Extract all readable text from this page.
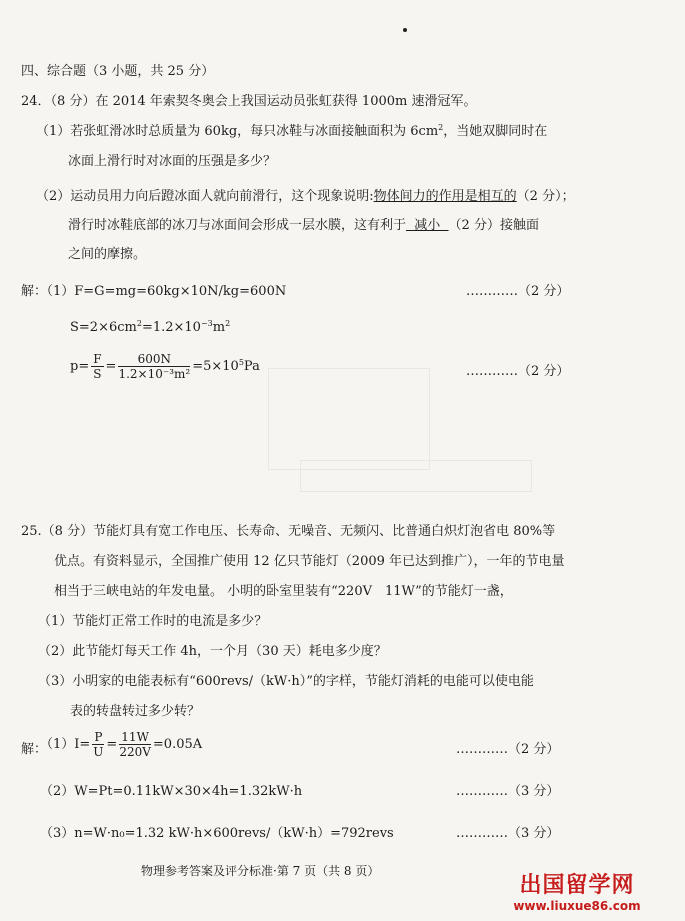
四、综合题（3 小题，共 25 分）
24．（8 分）在 2014 年索契冬奥会上我国运动员张虹获得 1000m 速滑冠军。
（1）若张虹滑冰时总质量为 60kg，每只冰鞋与冰面接触面积为 $6cm^2$，当她双脚同时在
冰面上滑行时对冰面的压强是多少？
（2）运动员用力向后蹬冰面人就向前滑行，这个现象说明:物体间力的作用是相互的（2 分）；
滑行时冰鞋底部的冰刀与冰面间会形成一层水膜，这有利于  减小  （2 分）接触面
之间的摩擦。
解：
（1）F=G=mg=60kg×10N/kg=600N	…………（2 分）
$S=2\times 6cm^2=1.2\times 10^{-3}m^2$
$p= \frac{F}{S} = \frac{600N}{\text{1.2×10⁻³m²}} =5\times 10^5Pa$	…………（2 分）
25.（8 分）节能灯具有宽工作电压、长寿命、无噪音、无频闪、比普通白炽灯泡省电 80%等
优点。有资料显示，全国推广使用 12 亿只节能灯（2009 年已达到推广），一年的节电量
相当于三峡电站的年发电量。 小明的卧室里装有“220V　11W”的节能灯一盏，
（1）节能灯正常工作时的电流是多少？
（2）此节能灯每天工作 4h，一个月（30 天）耗电多少度？
（3）小明家的电能表标有“600revs/（kW·h）”的字样，节能灯消耗的电能可以使电能
表的转盘转过多少转？
解：
$(1)I= \frac{P}{U} = \frac{11W}{220V} =0.05A$	…………（2 分）
（2）W=Pt=0.11kW×30×4h=1.32kW·h	…………（3 分）
（3）n=W·n₀=1.32 kW·h×600revs/（kW·h）=792revs	…………（3 分）
物理参考答案及评分标准·第 7 页（共 8 页）
出国留学网
www.liuxue86.com
